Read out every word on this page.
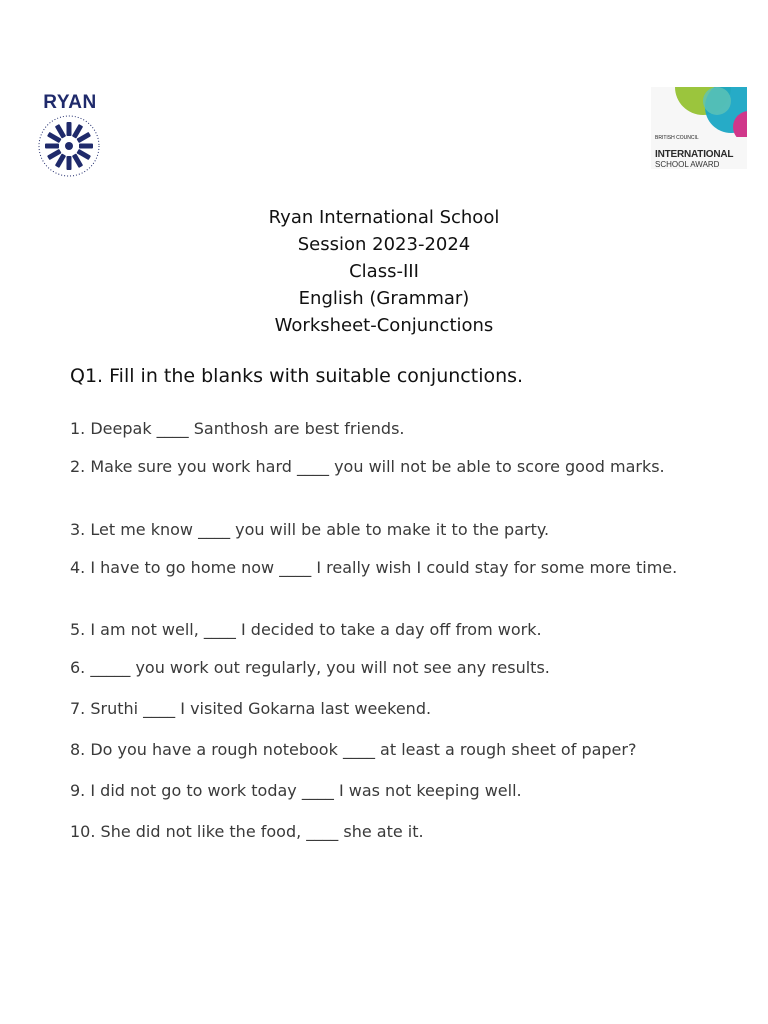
RYAN
BRITISH COUNCIL
INTERNATIONAL
SCHOOL AWARD
Ryan International School
Session 2023-2024
Class-III
English (Grammar)
Worksheet-Conjunctions
Q1. Fill in the blanks with suitable conjunctions.
1. Deepak ____ Santhosh are best friends.
2. Make sure you work hard ____ you will not be able to score good marks.
3. Let me know ____ you will be able to make it to the party.
4. I have to go home now ____ I really wish I could stay for some more time.
5. I am not well, ____ I decided to take a day off from work.
6. _____ you work out regularly, you will not see any results.
7. Sruthi ____ I visited Gokarna last weekend.
8. Do you have a rough notebook ____ at least a rough sheet of paper?
9. I did not go to work today ____ I was not keeping well.
10. She did not like the food, ____ she ate it.
